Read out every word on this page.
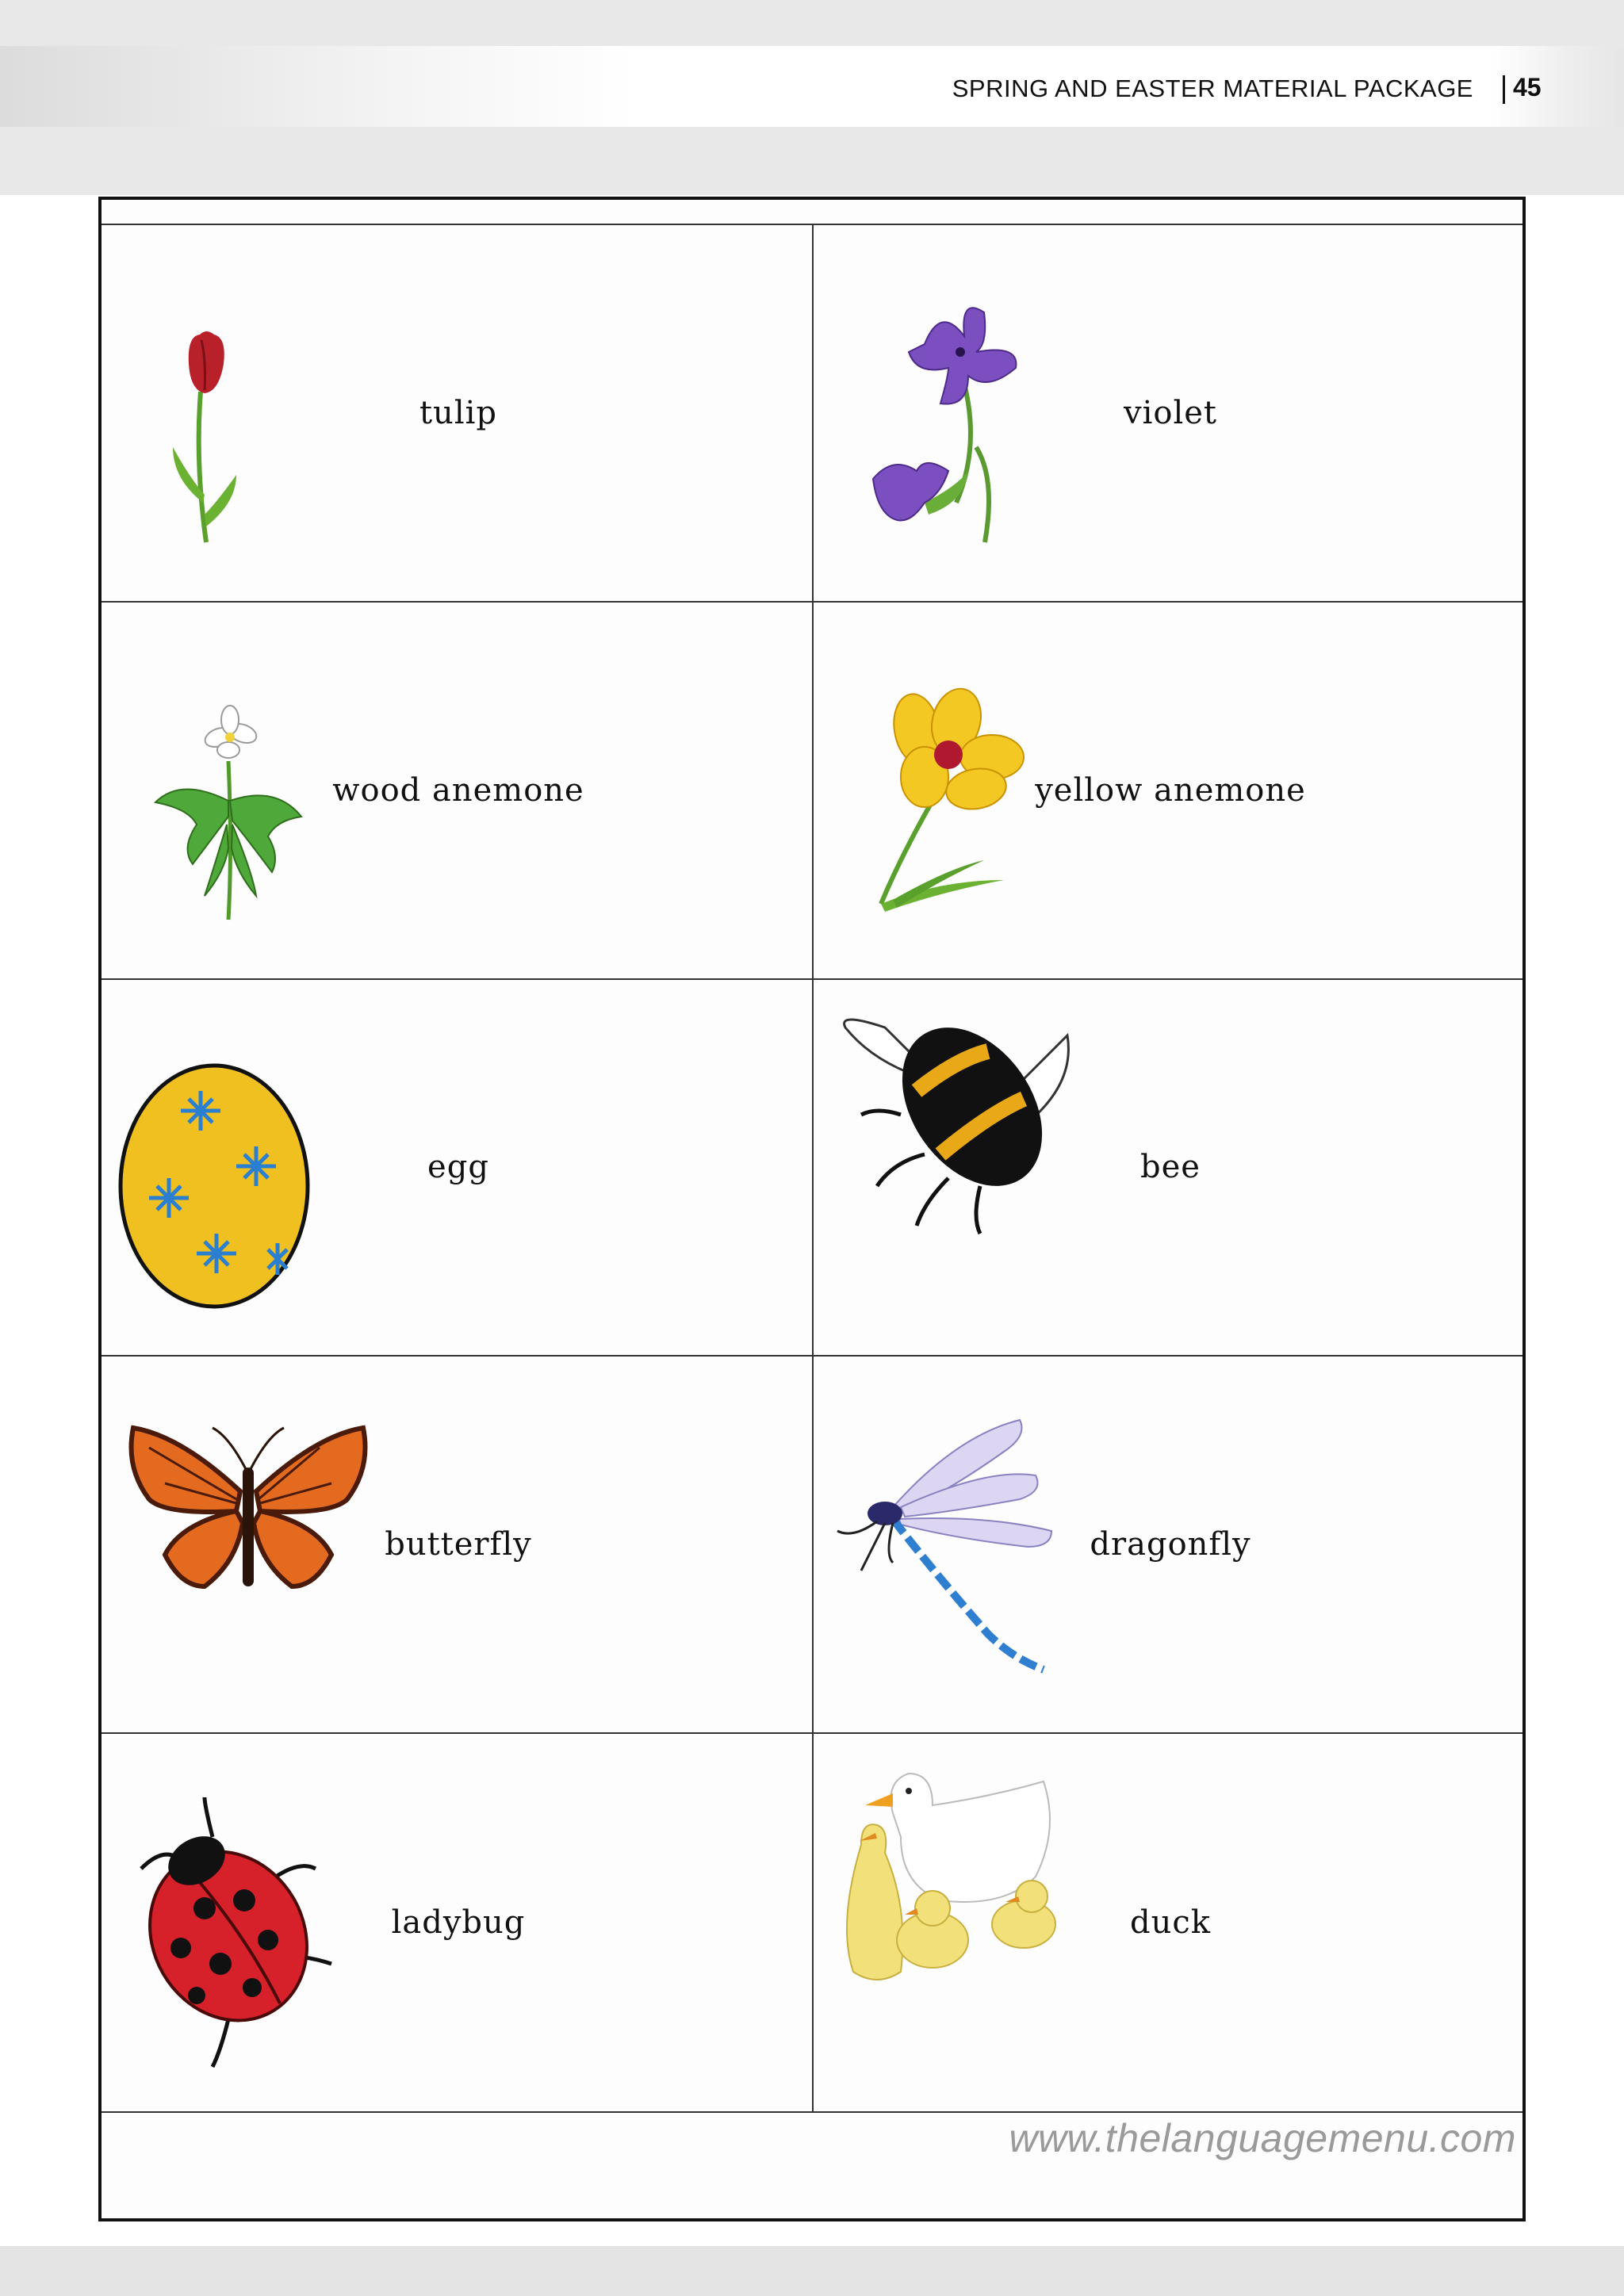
SPRING AND EASTER MATERIAL PACKAGE 45
tulip	violet
wood anemone	yellow anemone
egg	bee
butterfly	dragonfly
ladybug	duck
www.thelanguagemenu.com
